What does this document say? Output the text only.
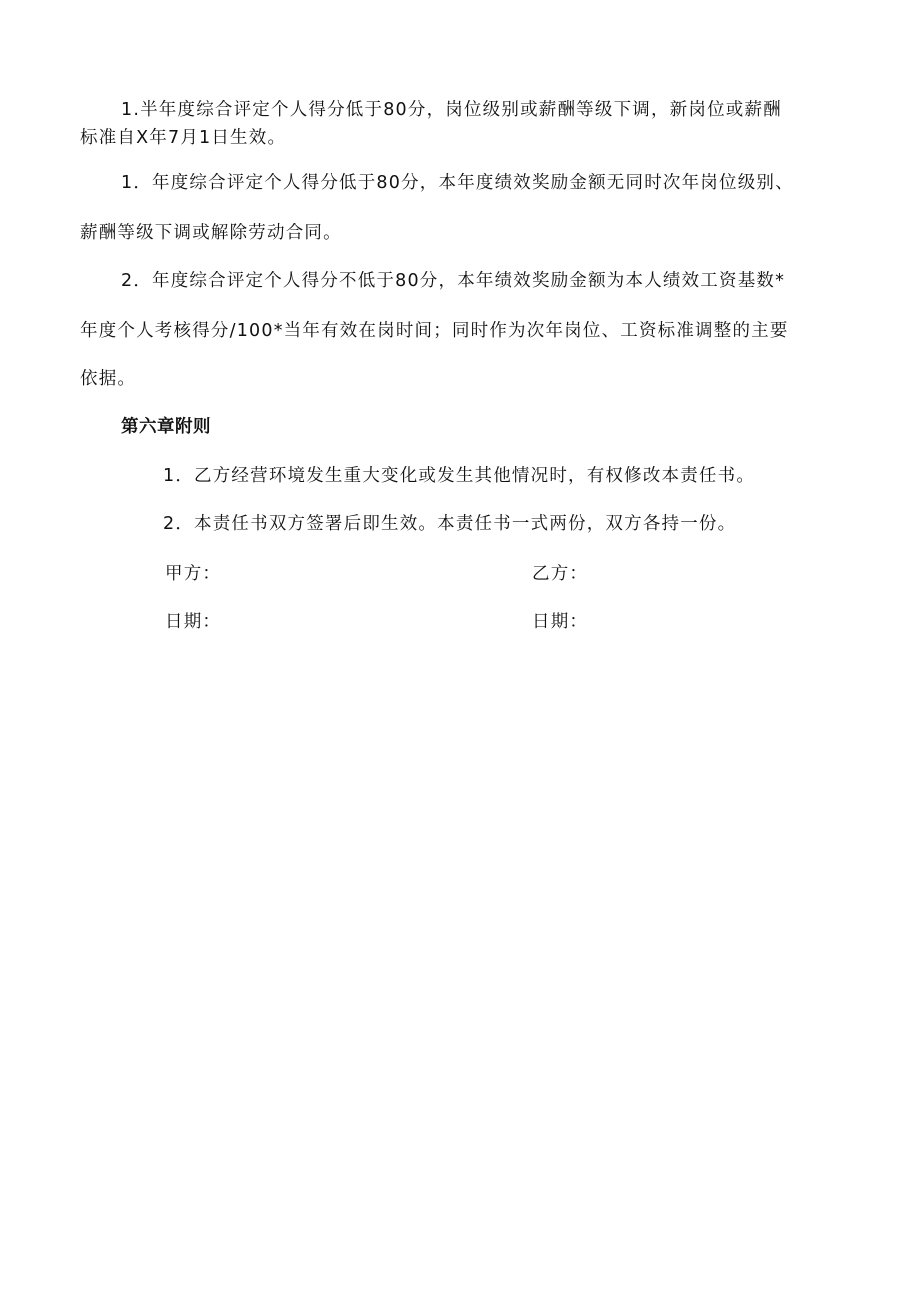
1.半年度综合评定个人得分低于80分，岗位级别或薪酬等级下调，新岗位或薪酬
标准自X年7月1日生效。
1．年度综合评定个人得分低于80分，本年度绩效奖励金额无同时次年岗位级别、
薪酬等级下调或解除劳动合同。
2．年度综合评定个人得分不低于80分，本年绩效奖励金额为本人绩效工资基数*
年度个人考核得分/100*当年有效在岗时间；同时作为次年岗位、工资标准调整的主要
依据。
第六章附则
1．乙方经营环境发生重大变化或发生其他情况时，有权修改本责任书。
2．本责任书双方签署后即生效。本责任书一式两份，双方各持一份。
甲方：	乙方：
日期：	日期：
